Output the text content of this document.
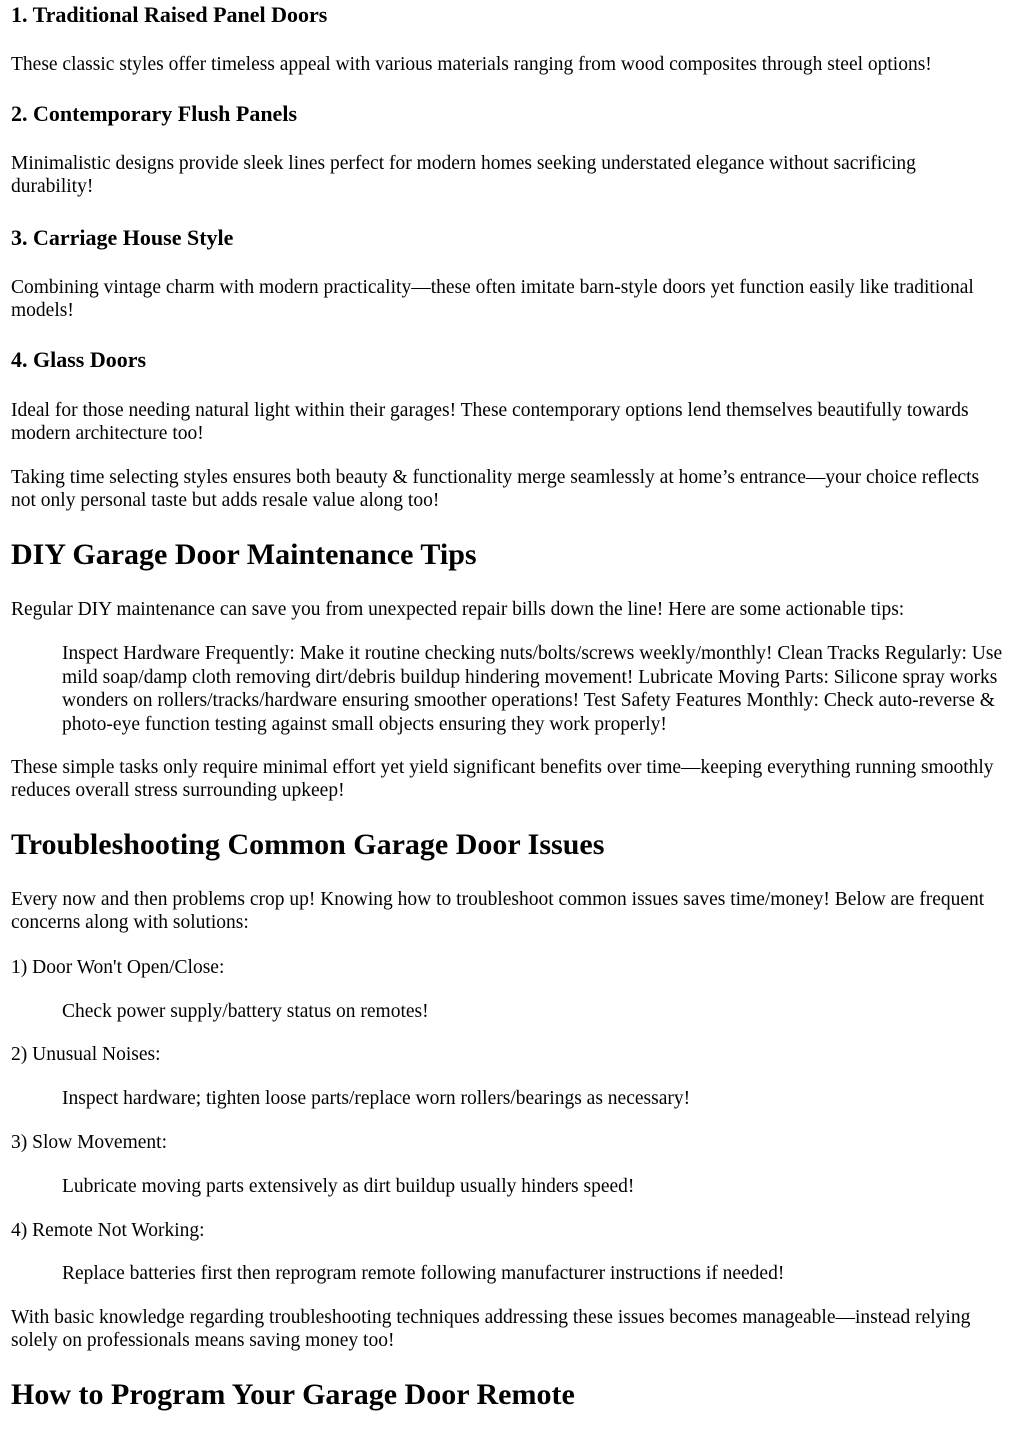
1. Traditional Raised Panel Doors

These classic styles offer timeless appeal with various materials ranging from wood composites through steel options!

2. Contemporary Flush Panels

Minimalistic designs provide sleek lines perfect for modern homes seeking understated elegance without sacrificing durability!

3. Carriage House Style

Combining vintage charm with modern practicality—these often imitate barn-style doors yet function easily like traditional models!

4. Glass Doors

Ideal for those needing natural light within their garages! These contemporary options lend themselves beautifully towards modern architecture too!

Taking time selecting styles ensures both beauty & functionality merge seamlessly at home’s entrance—your choice reflects not only personal taste but adds resale value along too!

DIY Garage Door Maintenance Tips

Regular DIY maintenance can save you from unexpected repair bills down the line! Here are some actionable tips:

Inspect Hardware Frequently: Make it routine checking nuts/bolts/screws weekly/monthly! Clean Tracks Regularly: Use mild soap/damp cloth removing dirt/debris buildup hindering movement! Lubricate Moving Parts: Silicone spray works wonders on rollers/tracks/hardware ensuring smoother operations! Test Safety Features Monthly: Check auto-reverse & photo-eye function testing against small objects ensuring they work properly!

These simple tasks only require minimal effort yet yield significant benefits over time—keeping everything running smoothly reduces overall stress surrounding upkeep!

Troubleshooting Common Garage Door Issues

Every now and then problems crop up! Knowing how to troubleshoot common issues saves time/money! Below are frequent concerns along with solutions:

1) Door Won't Open/Close:

Check power supply/battery status on remotes!

2) Unusual Noises:

Inspect hardware; tighten loose parts/replace worn rollers/bearings as necessary!

3) Slow Movement:

Lubricate moving parts extensively as dirt buildup usually hinders speed!

4) Remote Not Working:

Replace batteries first then reprogram remote following manufacturer instructions if needed!

With basic knowledge regarding troubleshooting techniques addressing these issues becomes manageable—instead relying solely on professionals means saving money too!

How to Program Your Garage Door Remote
